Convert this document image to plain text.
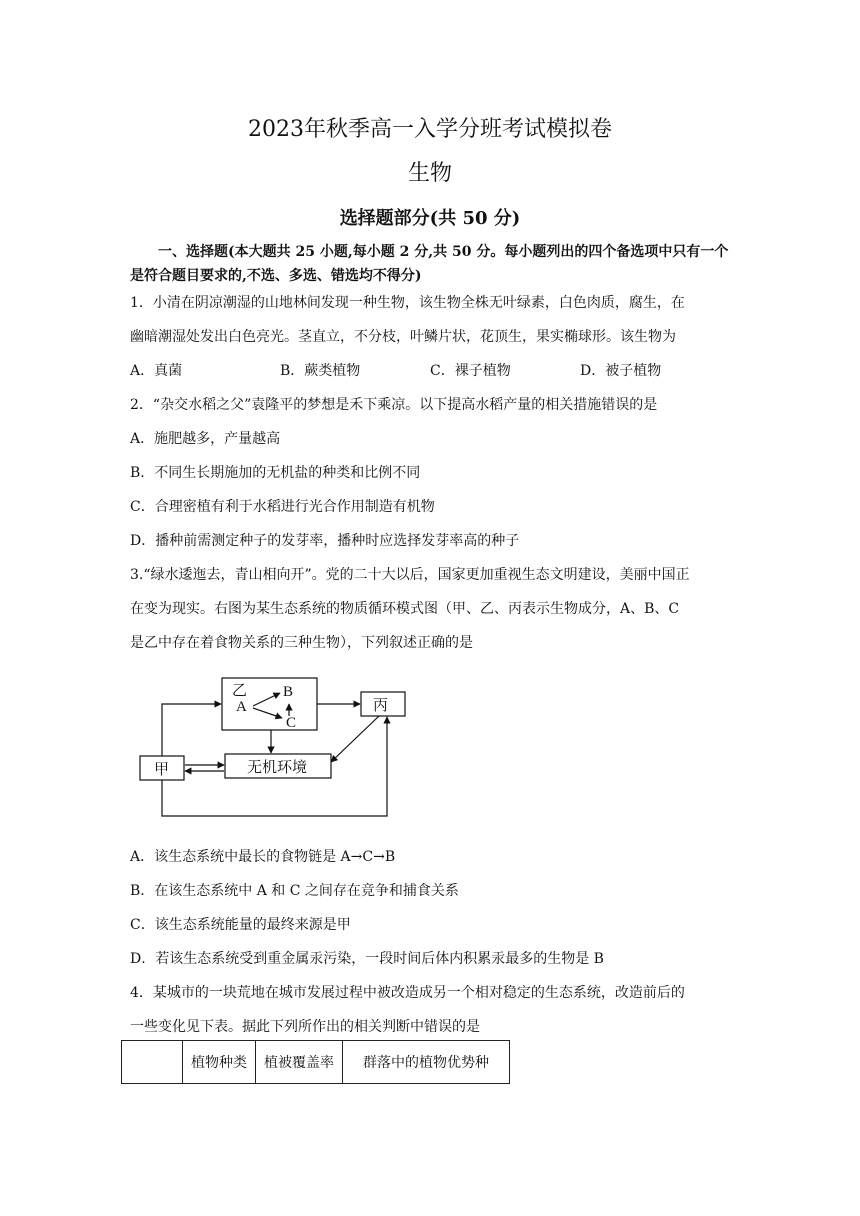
2023年秋季高一入学分班考试模拟卷
生物
选择题部分(共 50 分)
一、选择题(本大题共 25 小题,每小题 2 分,共 50 分。每小题列出的四个备选项中只有一个是符合题目要求的,不选、多选、错选均不得分)
1．小清在阴凉潮湿的山地林间发现一种生物，该生物全株无叶绿素，白色肉质，腐生，在
幽暗潮湿处发出白色亮光。茎直立，不分枝，叶鳞片状，花顶生，果实椭球形。该生物为
A．真菌	B．蕨类植物	C．裸子植物	D．被子植物
2．“杂交水稻之父”袁隆平的梦想是禾下乘凉。以下提高水稻产量的相关措施错误的是
A．施肥越多，产量越高
B．不同生长期施加的无机盐的种类和比例不同
C．合理密植有利于水稻进行光合作用制造有机物
D．播种前需测定种子的发芽率，播种时应选择发芽率高的种子
3.“绿水逶迤去，青山相向开”。党的二十大以后，国家更加重视生态文明建设，美丽中国正
在变为现实。右图为某生态系统的物质循环模式图（甲、乙、丙表示生物成分，A、B、C
是乙中存在着食物关系的三种生物），下列叙述正确的是
乙
A
B
C
丙
甲	无机环境
A．该生态系统中最长的食物链是 A→C→B
B．在该生态系统中 A 和 C 之间存在竞争和捕食关系
C．该生态系统能量的最终来源是甲
D．若该生态系统受到重金属汞污染，一段时间后体内积累汞最多的生物是 B
4．某城市的一块荒地在城市发展过程中被改造成另一个相对稳定的生态系统，改造前后的
一些变化见下表。据此下列所作出的相关判断中错误的是
	植物种类	植被覆盖率	群落中的植物优势种
